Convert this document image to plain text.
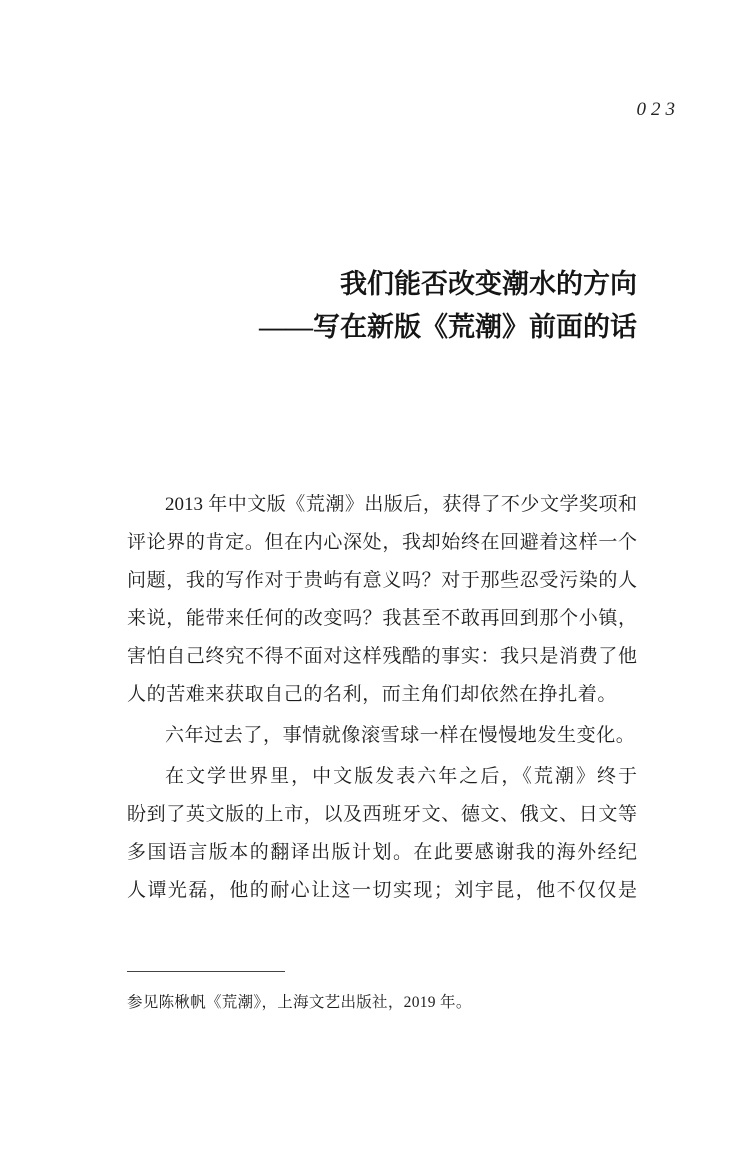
023
我们能否改变潮水的方向
——写在新版《荒潮》前面的话
2013 年中文版《荒潮》出版后，获得了不少文学奖项和
评论界的肯定。但在内心深处，我却始终在回避着这样一个
问题，我的写作对于贵屿有意义吗？对于那些忍受污染的人
来说，能带来任何的改变吗？我甚至不敢再回到那个小镇，
害怕自己终究不得不面对这样残酷的事实：我只是消费了他
人的苦难来获取自己的名利，而主角们却依然在挣扎着。
六年过去了，事情就像滚雪球一样在慢慢地发生变化。
在文学世界里，中文版发表六年之后，《荒潮》终于
盼到了英文版的上市，以及西班牙文、德文、俄文、日文等
多国语言版本的翻译出版计划。在此要感谢我的海外经纪
人谭光磊，他的耐心让这一切实现；刘宇昆，他不仅仅是
参见陈楸帆《荒潮》，上海文艺出版社，2019 年。
